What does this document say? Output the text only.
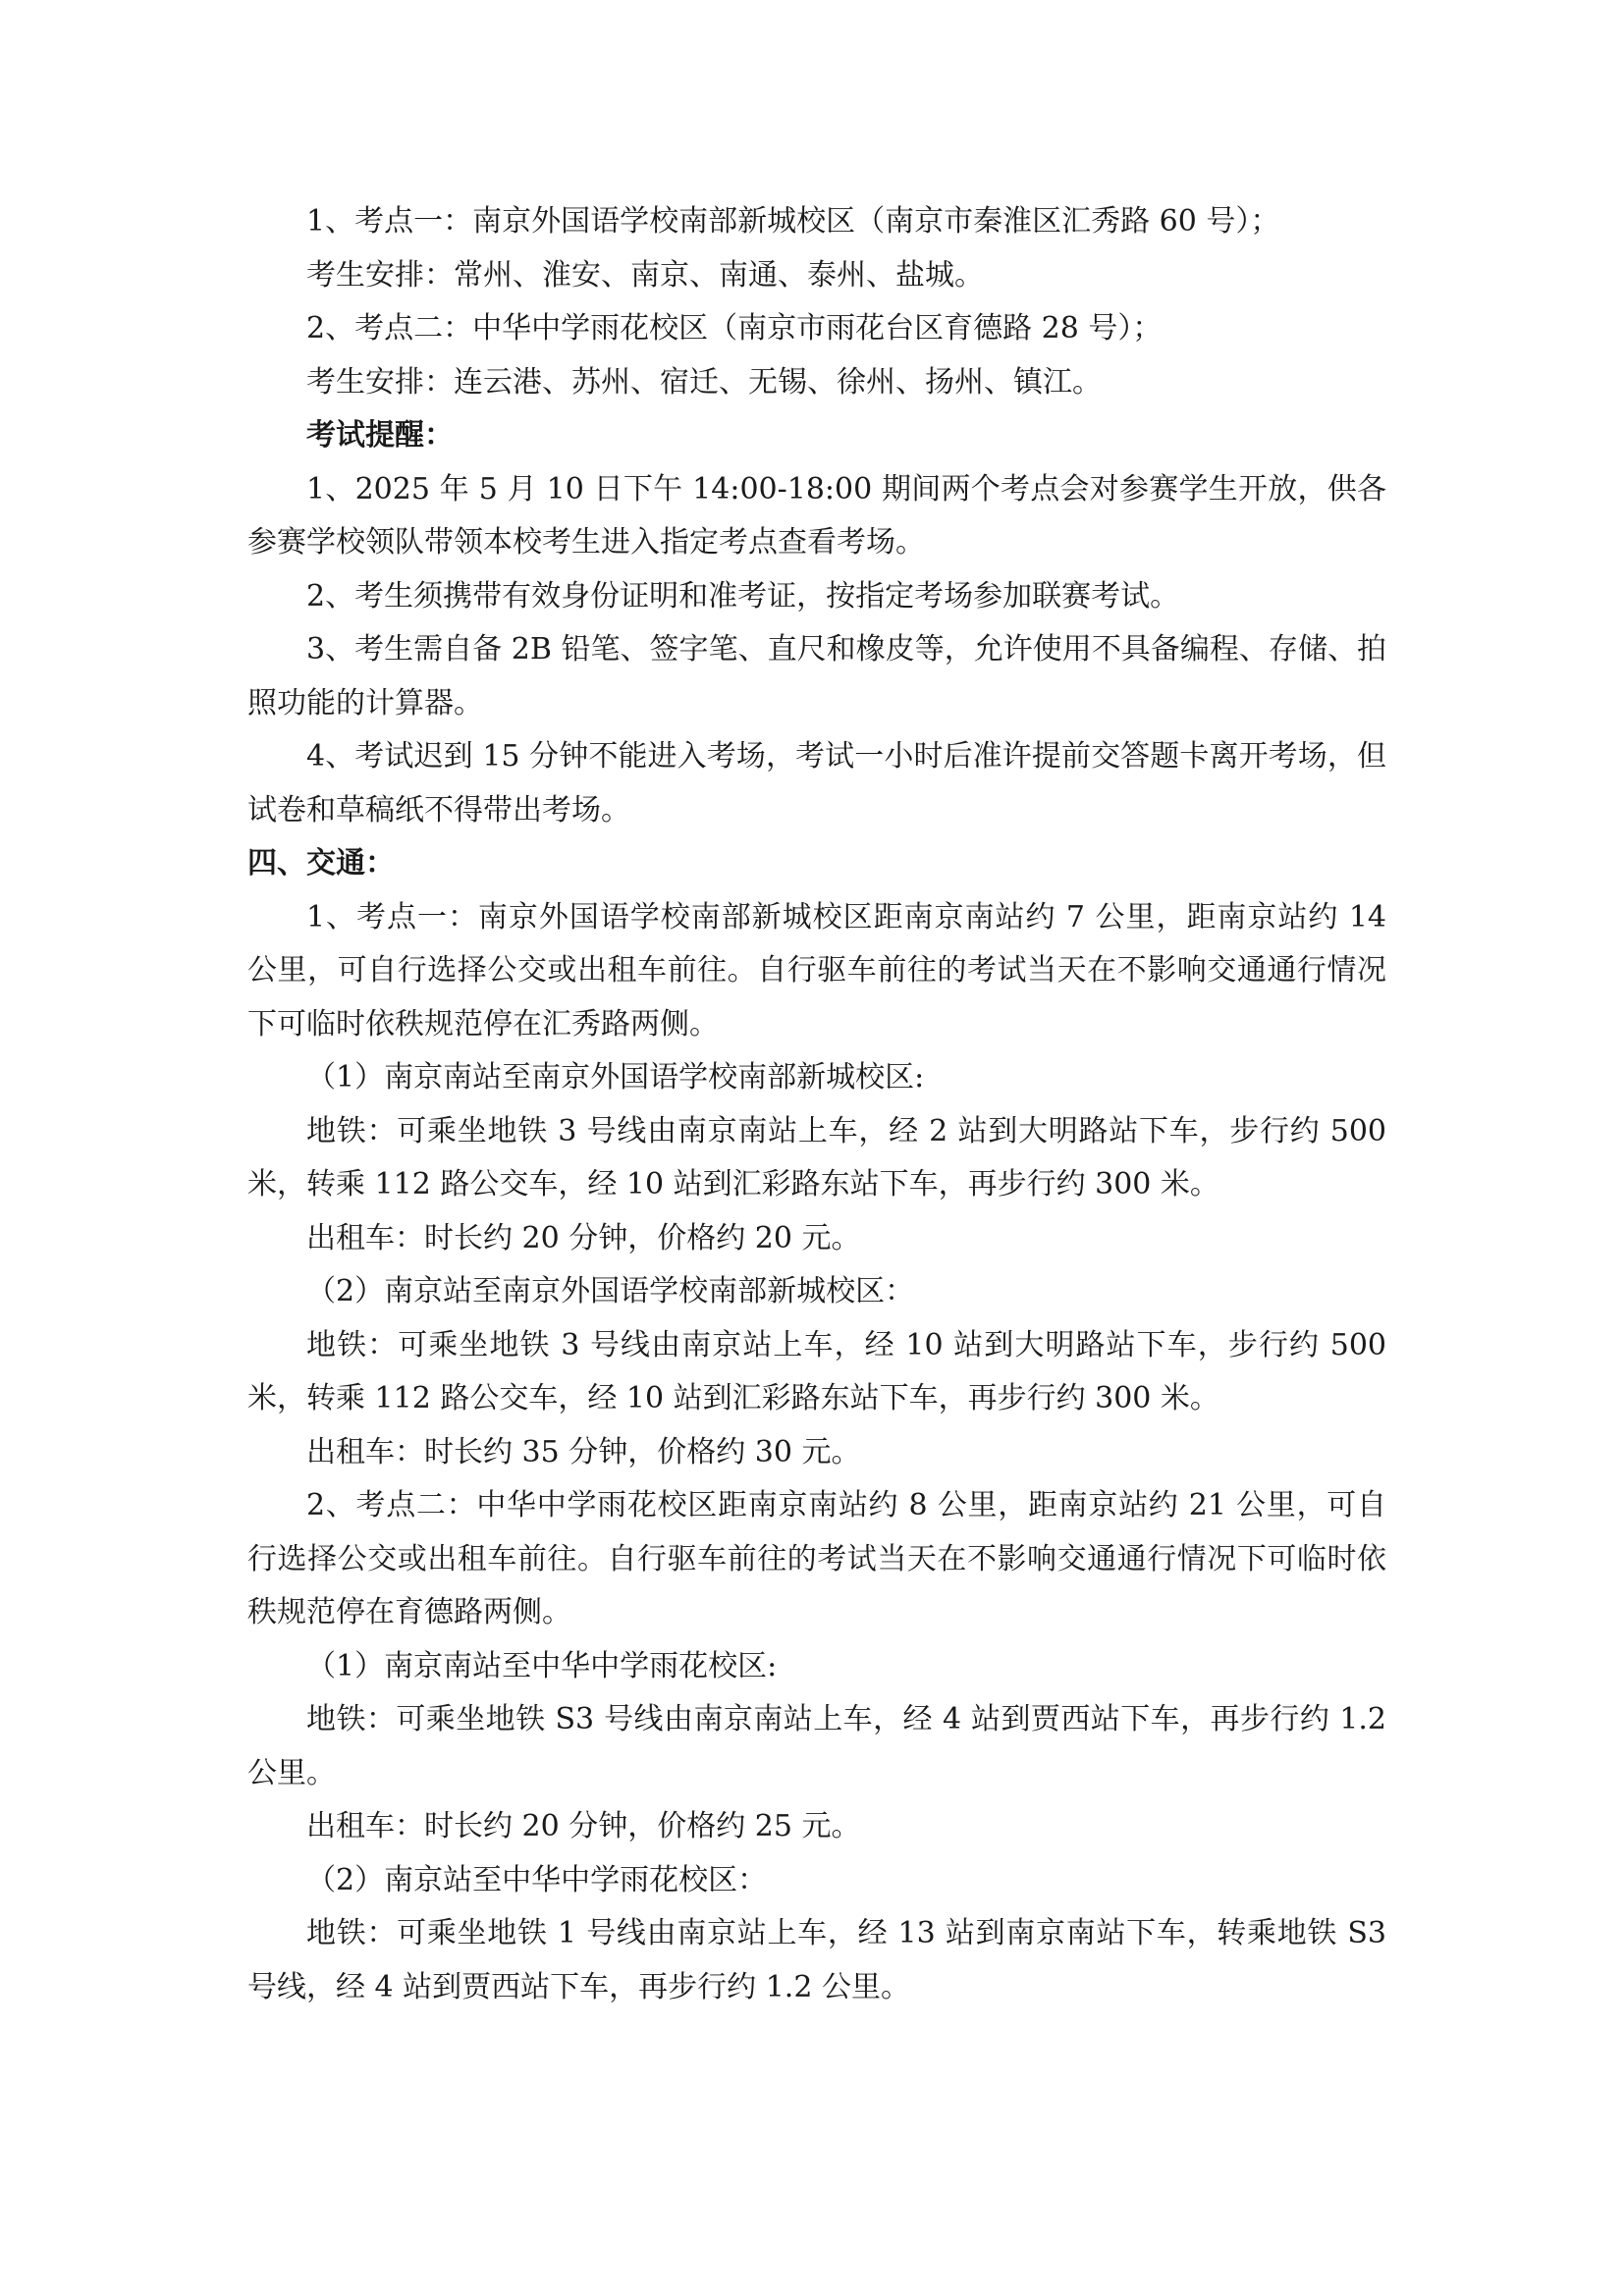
1、考点一：南京外国语学校南部新城校区（南京市秦淮区汇秀路 60 号）；

考生安排：常州、淮安、南京、南通、泰州、盐城。

2、考点二：中华中学雨花校区（南京市雨花台区育德路 28 号）；

考生安排：连云港、苏州、宿迁、无锡、徐州、扬州、镇江。

考试提醒：

1、2025 年 5 月 10 日下午 14:00-18:00 期间两个考点会对参赛学生开放，供各参赛学校领队带领本校考生进入指定考点查看考场。

2、考生须携带有效身份证明和准考证，按指定考场参加联赛考试。

3、考生需自备 2B 铅笔、签字笔、直尺和橡皮等，允许使用不具备编程、存储、拍照功能的计算器。

4、考试迟到 15 分钟不能进入考场，考试一小时后准许提前交答题卡离开考场，但试卷和草稿纸不得带出考场。

四、交通：

1、考点一：南京外国语学校南部新城校区距南京南站约 7 公里，距南京站约 14 公里，可自行选择公交或出租车前往。自行驱车前往的考试当天在不影响交通通行情况下可临时依秩规范停在汇秀路两侧。

（1）南京南站至南京外国语学校南部新城校区:

地铁：可乘坐地铁 3 号线由南京南站上车，经 2 站到大明路站下车，步行约 500 米，转乘 112 路公交车，经 10 站到汇彩路东站下车，再步行约 300 米。

出租车：时长约 20 分钟，价格约 20 元。

（2）南京站至南京外国语学校南部新城校区：

地铁：可乘坐地铁 3 号线由南京站上车，经 10 站到大明路站下车，步行约 500 米，转乘 112 路公交车，经 10 站到汇彩路东站下车，再步行约 300 米。

出租车：时长约 35 分钟，价格约 30 元。

2、考点二：中华中学雨花校区距南京南站约 8 公里，距南京站约 21 公里，可自行选择公交或出租车前往。自行驱车前往的考试当天在不影响交通通行情况下可临时依秩规范停在育德路两侧。

（1）南京南站至中华中学雨花校区:

地铁：可乘坐地铁 S3 号线由南京南站上车，经 4 站到贾西站下车，再步行约 1.2 公里。

出租车：时长约 20 分钟，价格约 25 元。

（2）南京站至中华中学雨花校区：

地铁：可乘坐地铁 1 号线由南京站上车，经 13 站到南京南站下车，转乘地铁 S3 号线，经 4 站到贾西站下车，再步行约 1.2 公里。
